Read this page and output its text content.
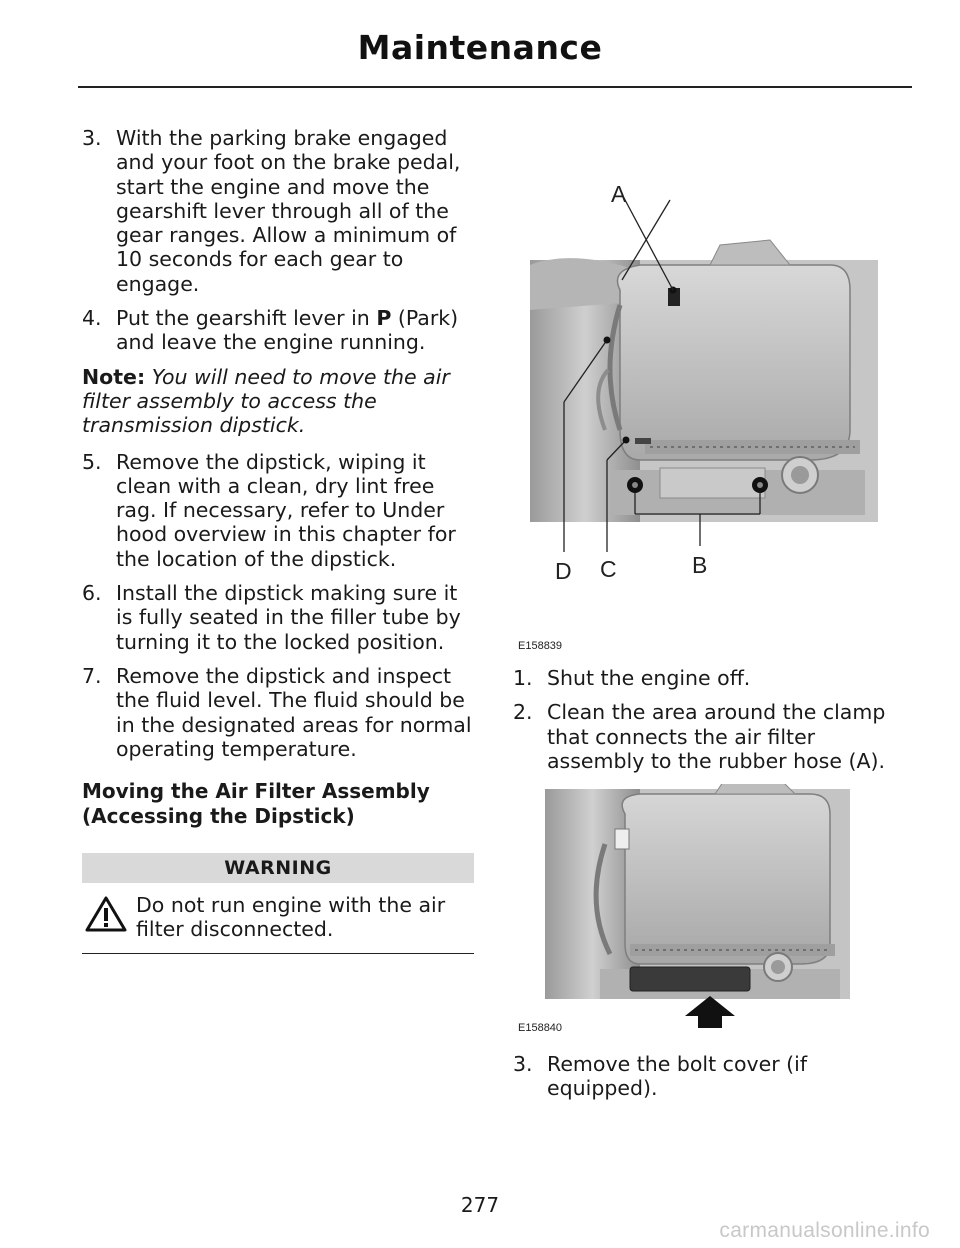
Maintenance
3. With the parking brake engaged and your foot on the brake pedal, start the engine and move the gearshift lever through all of the gear ranges. Allow a minimum of 10 seconds for each gear to engage.
4. Put the gearshift lever in P (Park) and leave the engine running.
Note: You will need to move the air filter assembly to access the transmission dipstick.
5. Remove the dipstick, wiping it clean with a clean, dry lint free rag. If necessary, refer to Under hood overview in this chapter for the location of the dipstick.
6. Install the dipstick making sure it is fully seated in the filler tube by turning it to the locked position.
7. Remove the dipstick and inspect the fluid level. The fluid should be in the designated areas for normal operating temperature.
Moving the Air Filter Assembly (Accessing the Dipstick)
WARNING
Do not run engine with the air filter disconnected.
A
B
C
D
E158839
1. Shut the engine off.
2. Clean the area around the clamp that connects the air filter assembly to the rubber hose (A).
E158840
3. Remove the bolt cover (if equipped).
277
carmanualsonline.info
